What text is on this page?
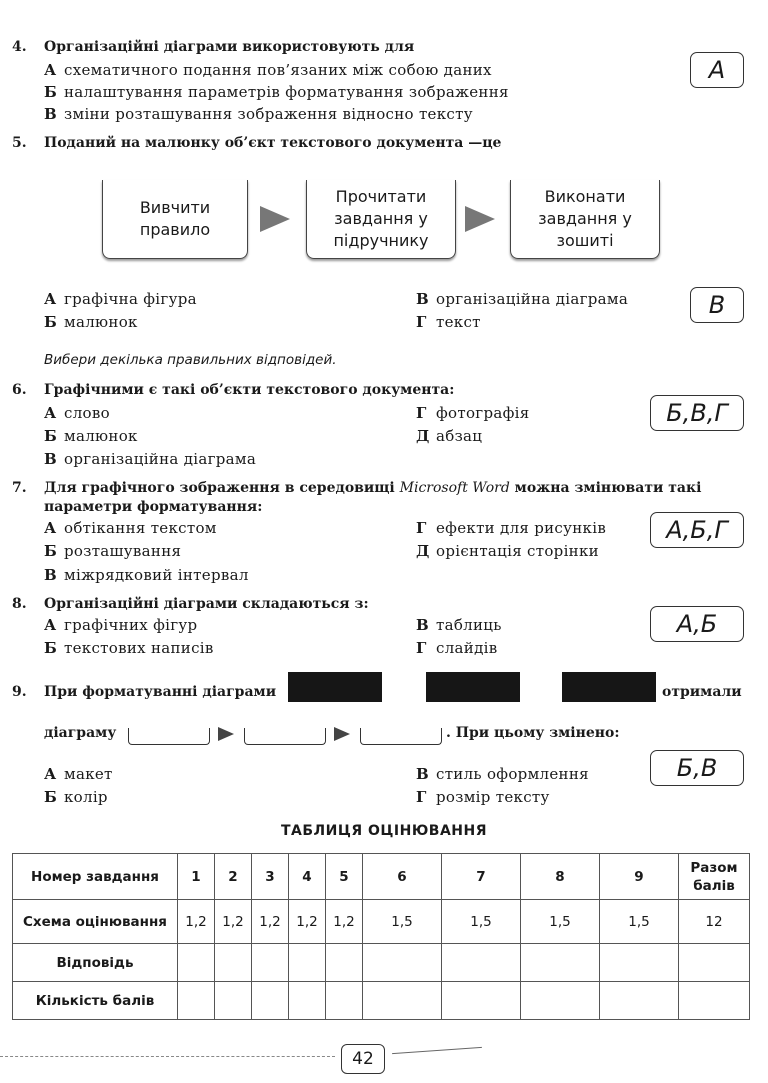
4. Організаційні діаграми використовують для
А схематичного подання пов’язаних між собою даних
Б налаштування параметрів форматування зображення
В зміни розташування зображення відносно тексту
А
5. Поданий на малюнку об’єкт текстового документа —це
Вивчити правило
Прочитати завдання у підручнику
Виконати завдання у зошиті
А графічна фігура
Б малюнок
В організаційна діаграма
Г текст
В
Вибери декілька правильних відповідей.
6. Графічними є такі об’єкти текстового документа:
А слово
Б малюнок
В організаційна діаграма
Г фотографія
Д абзац
Б,В,Г
7. Для графічного зображення в середовищі Microsoft Word можна змінювати такі
параметри форматування:
А обтікання текстом
Б розташування
В міжрядковий інтервал
Г ефекти для рисунків
Д орієнтація сторінки
А,Б,Г
8. Організаційні діаграми складаються з:
А графічних фігур
Б текстових написів
В таблиць
Г слайдів
А,Б
9. При форматуванні діаграми	отримали
діаграму	. При цьому змінено:
А макет
Б колір
В стиль оформлення
Г розмір тексту
Б,В
ТАБЛИЦЯ ОЦІНЮВАННЯ
Номер завдання	1	2	3	4	5	6	7	8	9	Разом балів
Схема оцінювання	1,2	1,2	1,2	1,2	1,2	1,5	1,5	1,5	1,5	12
Відповідь										
Кількість балів										
42
